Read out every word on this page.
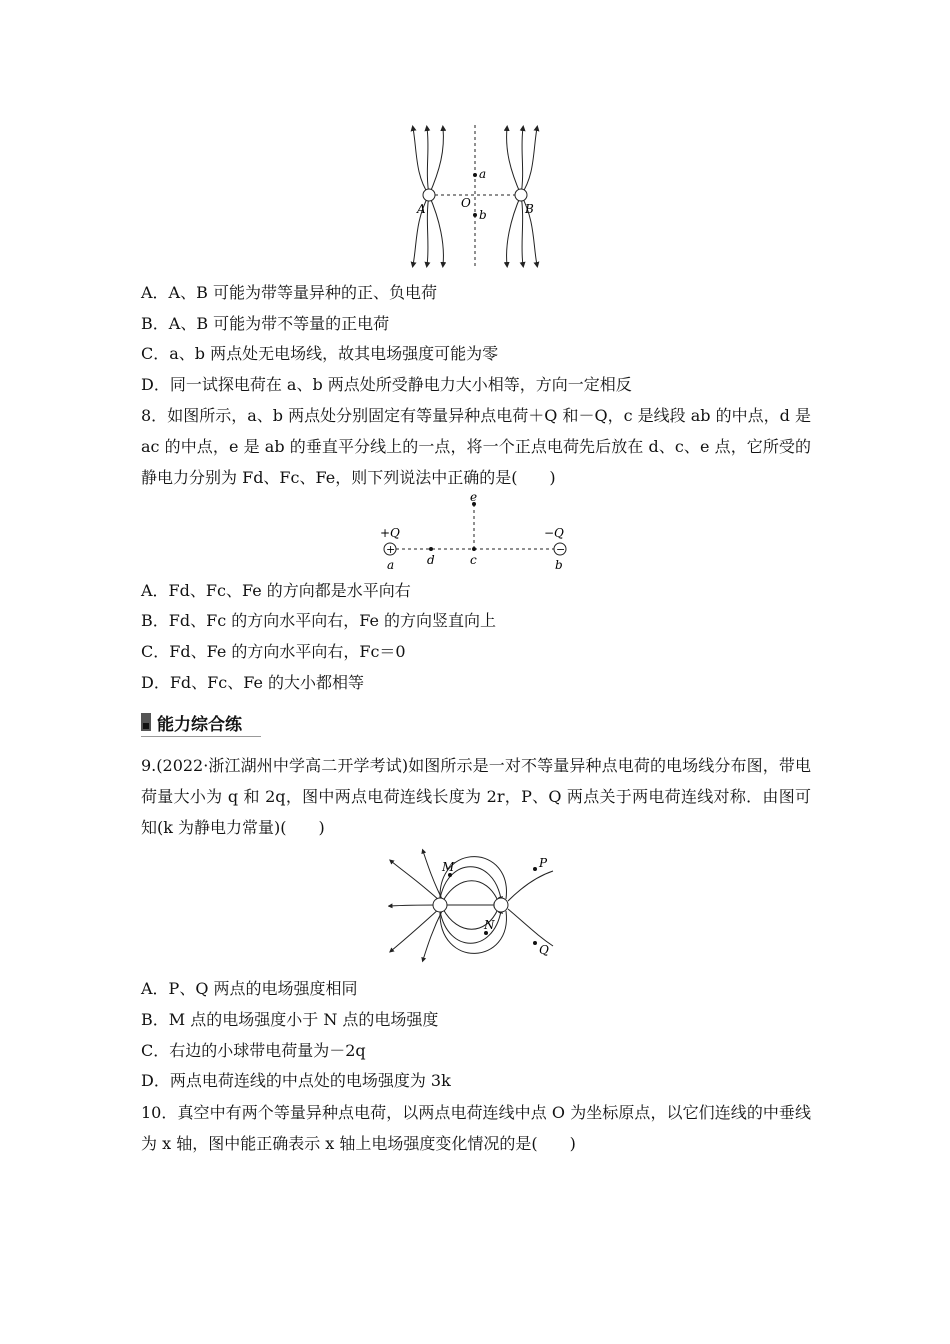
A	B
O
a
b
A．A、B 可能为带等量异种的正、负电荷
B．A、B 可能为带不等量的正电荷
C．a、b 两点处无电场线，故其电场强度可能为零
D．同一试探电荷在 a、b 两点处所受静电力大小相等，方向一定相反
8．如图所示，a、b 两点处分别固定有等量异种点电荷＋Q 和－Q，c 是线段 ab 的中点，d 是 ac 的中点，e 是 ab 的垂直平分线上的一点，将一个正点电荷先后放在 d、c、e 点，它所受的静电力分别为 Fd、Fc、Fe，则下列说法中正确的是(　　)
+	−
+Q	−Q
a	b
c
d
e
A．Fd、Fc、Fe 的方向都是水平向右
B．Fd、Fc 的方向水平向右，Fe 的方向竖直向上
C．Fd、Fe 的方向水平向右，Fc＝0
D．Fd、Fc、Fe 的大小都相等
能力综合练
9.(2022·浙江湖州中学高二开学考试)如图所示是一对不等量异种点电荷的电场线分布图，带电荷量大小为 q 和 2q，图中两点电荷连线长度为 2r，P、Q 两点关于两电荷连线对称．由图可知(k 为静电力常量)(　　)
M
N
P
Q
A．P、Q 两点的电场强度相同
B．M 点的电场强度小于 N 点的电场强度
C．右边的小球带电荷量为－2q
D．两点电荷连线的中点处的电场强度为 3k
10．真空中有两个等量异种点电荷，以两点电荷连线中点 O 为坐标原点，以它们连线的中垂线为 x 轴，图中能正确表示 x 轴上电场强度变化情况的是(　　)
